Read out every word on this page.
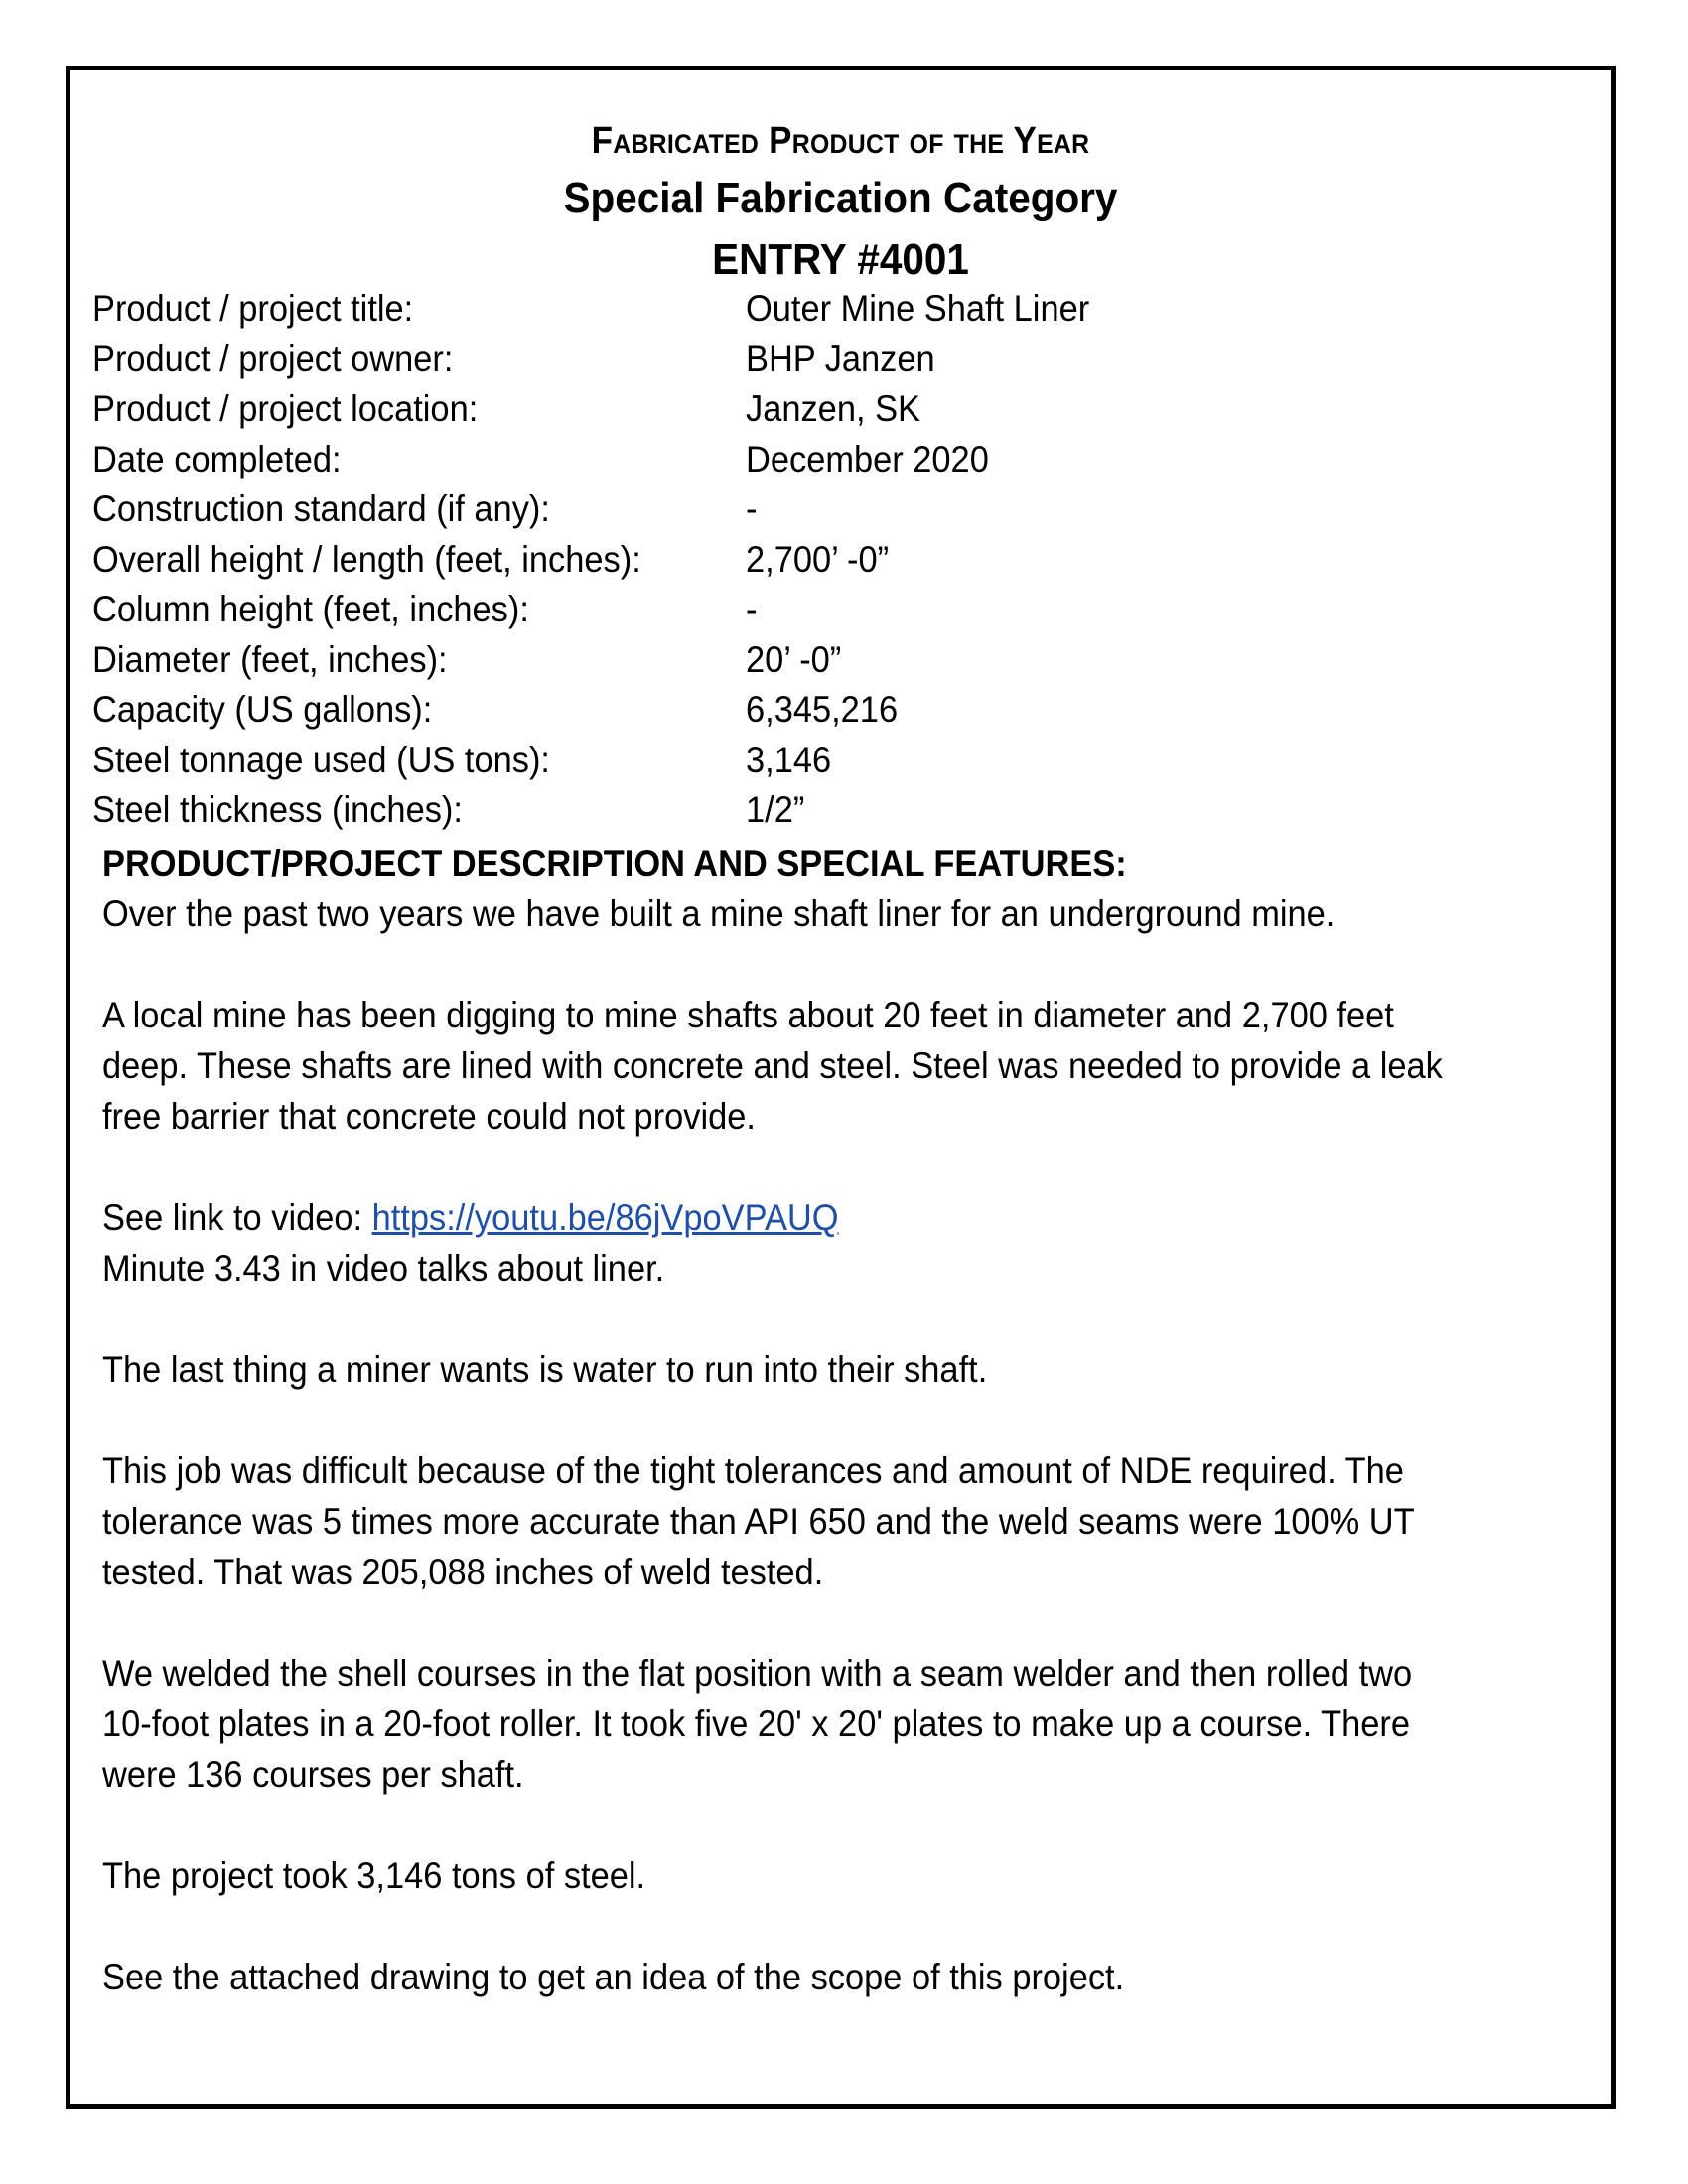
Fabricated Product of the Year
Special Fabrication Category
ENTRY #4001
Product / project title:	Outer Mine Shaft Liner
Product / project owner:	BHP Janzen
Product / project location:	Janzen, SK
Date completed:	December 2020
Construction standard (if any):	-
Overall height / length (feet, inches):	2,700’ -0”
Column height (feet, inches):	-
Diameter (feet, inches):	20’ -0”
Capacity (US gallons):	6,345,216
Steel tonnage used (US tons):	3,146
Steel thickness (inches):	1/2”
PRODUCT/PROJECT DESCRIPTION AND SPECIAL FEATURES:
Over the past two years we have built a mine shaft liner for an underground mine.
A local mine has been digging to mine shafts about 20 feet in diameter and 2,700 feet
deep. These shafts are lined with concrete and steel. Steel was needed to provide a leak
free barrier that concrete could not provide.
See link to video: https://youtu.be/86jVpoVPAUQ
Minute 3.43 in video talks about liner.
The last thing a miner wants is water to run into their shaft.
This job was difficult because of the tight tolerances and amount of NDE required. The
tolerance was 5 times more accurate than API 650 and the weld seams were 100% UT
tested. That was 205,088 inches of weld tested.
We welded the shell courses in the flat position with a seam welder and then rolled two
10-foot plates in a 20-foot roller. It took five 20' x 20' plates to make up a course. There
were 136 courses per shaft.
The project took 3,146 tons of steel.
See the attached drawing to get an idea of the scope of this project.
